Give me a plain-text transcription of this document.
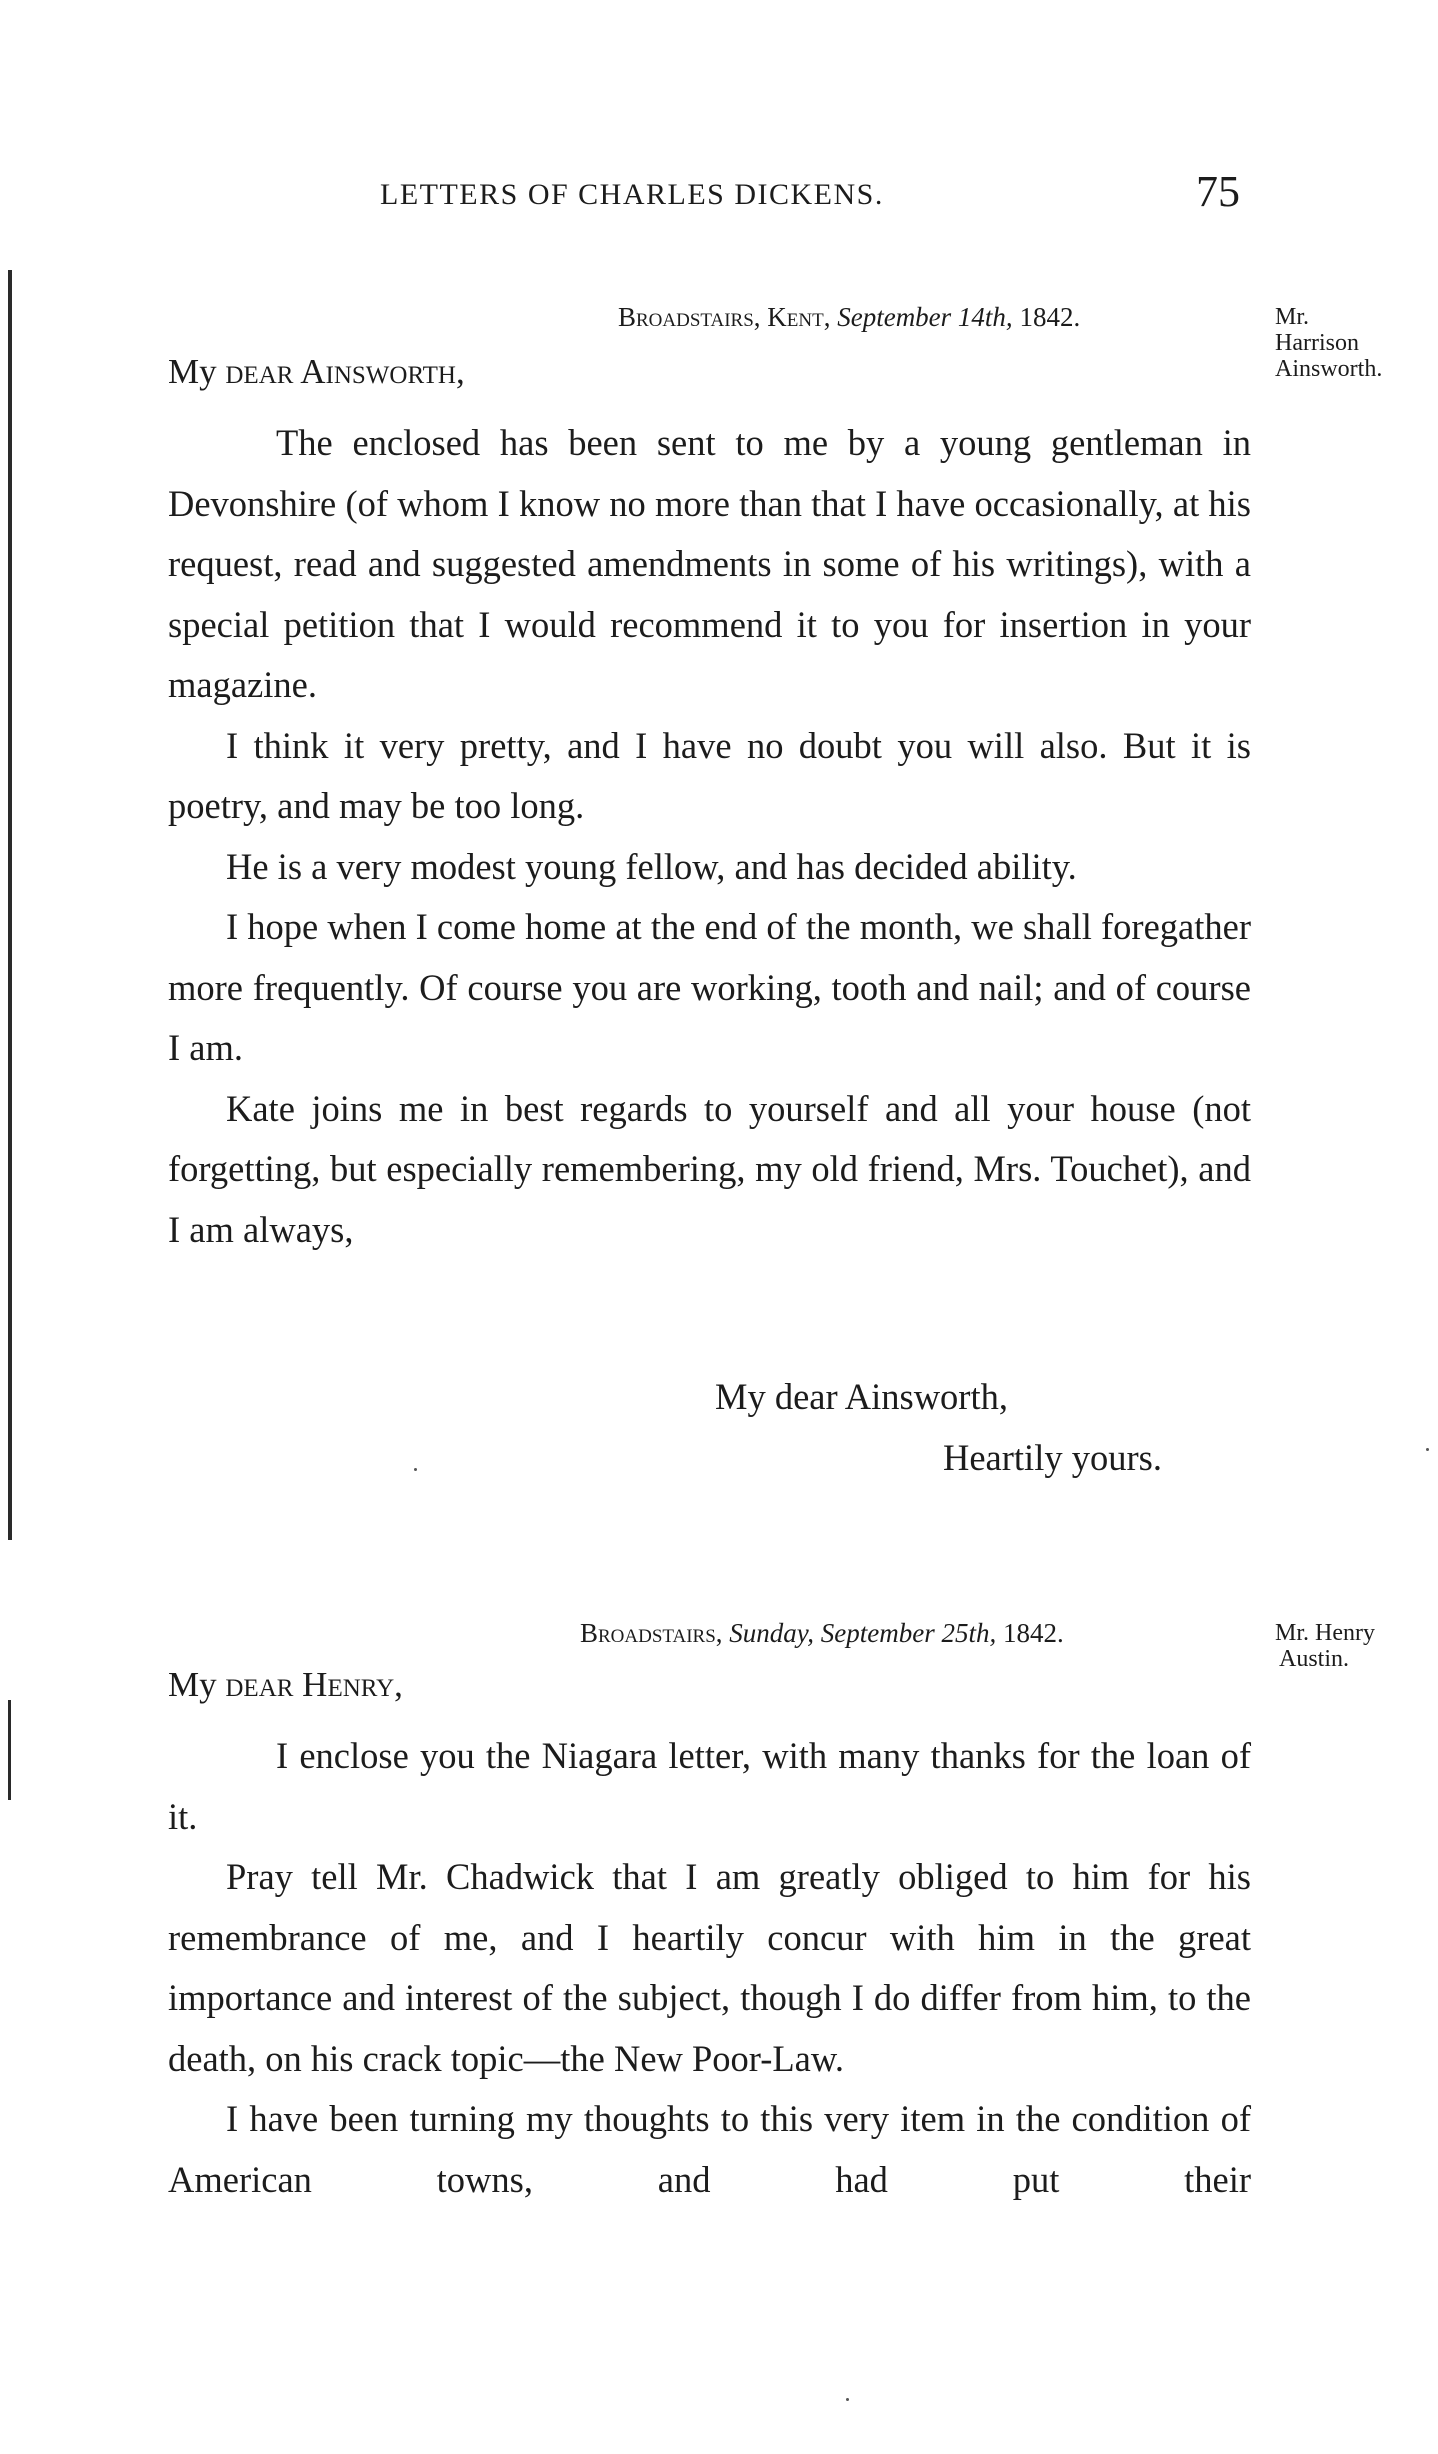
LETTERS OF CHARLES DICKENS.	75
Broadstairs, Kent, September 14th, 1842.	Mr.
Harrison
Ainsworth.
My dear Ainsworth,

The enclosed has been sent to me by a young gentleman in Devonshire (of whom I know no more than that I have occasionally, at his request, read and suggested amendments in some of his writings), with a special petition that I would recommend it to you for insertion in your magazine.

I think it very pretty, and I have no doubt you will also. But it is poetry, and may be too long.

He is a very modest young fellow, and has decided ability.

I hope when I come home at the end of the month, we shall foregather more frequently. Of course you are working, tooth and nail; and of course I am.

Kate joins me in best regards to yourself and all your house (not forgetting, but especially remembering, my old friend, Mrs. Touchet), and I am always,

My dear Ainsworth,
Heartily yours.
Broadstairs, Sunday, September 25th, 1842.	Mr. Henry
Austin.
My dear Henry,

I enclose you the Niagara letter, with many thanks for the loan of it.

Pray tell Mr. Chadwick that I am greatly obliged to him for his remembrance of me, and I heartily concur with him in the great importance and interest of the subject, though I do differ from him, to the death, on his crack topic—the New Poor-Law.

I have been turning my thoughts to this very item in the condition of American towns, and had put their
